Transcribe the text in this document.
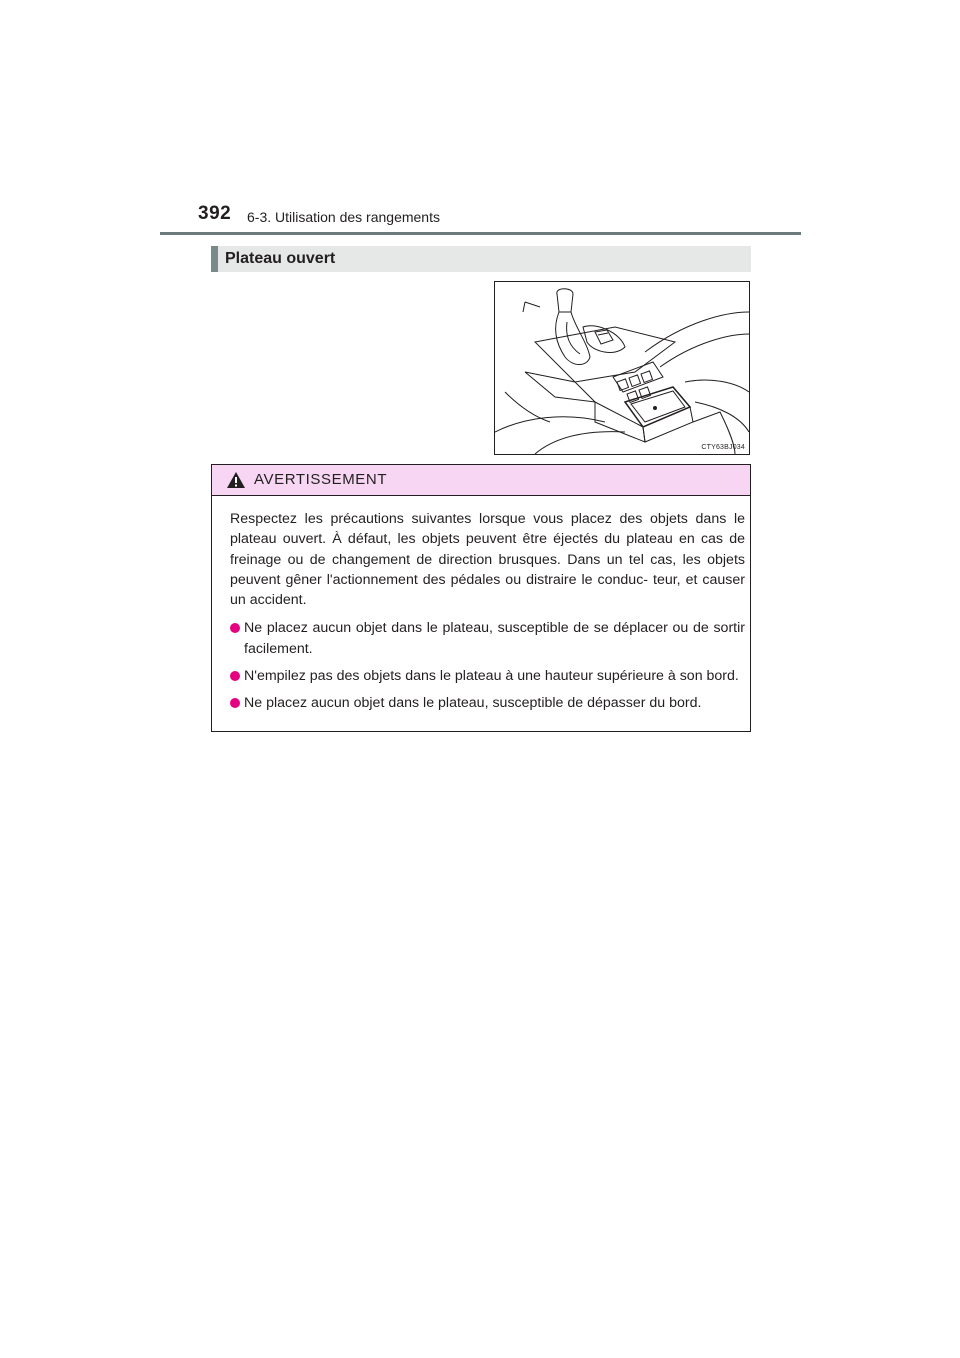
392 6-3. Utilisation des rangements
Plateau ouvert
CTY63BJ034
AVERTISSEMENT

Respectez les précautions suivantes lorsque vous placez des objets dans le plateau ouvert. À défaut, les objets peuvent être éjectés du plateau en cas de freinage ou de changement de direction brusques. Dans un tel cas, les objets peuvent gêner l'actionnement des pédales ou distraire le conduc- teur, et causer un accident.

Ne placez aucun objet dans le plateau, susceptible de se déplacer ou de sortir facilement.
N'empilez pas des objets dans le plateau à une hauteur supérieure à son bord.
Ne placez aucun objet dans le plateau, susceptible de dépasser du bord.
